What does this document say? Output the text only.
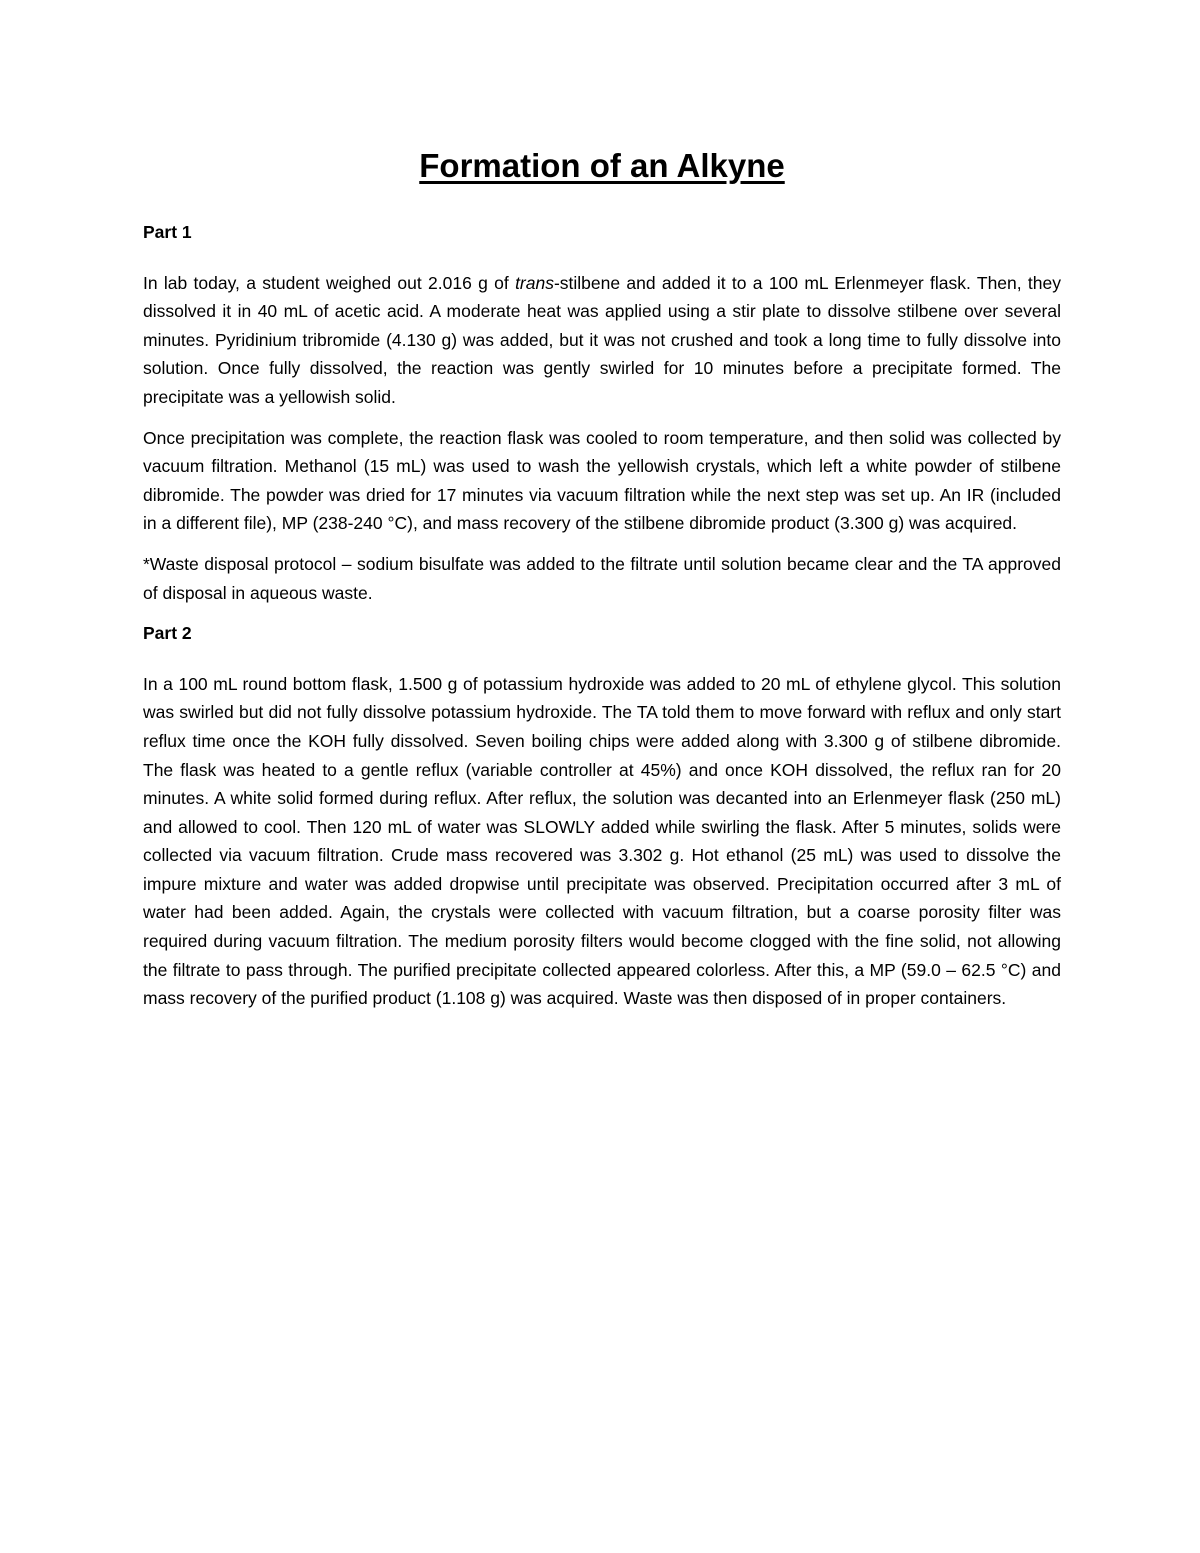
Formation of an Alkyne
Part 1

In lab today, a student weighed out 2.016 g of trans-stilbene and added it to a 100 mL Erlenmeyer flask. Then, they dissolved it in 40 mL of acetic acid. A moderate heat was applied using a stir plate to dissolve stilbene over several minutes. Pyridinium tribromide (4.130 g) was added, but it was not crushed and took a long time to fully dissolve into solution. Once fully dissolved, the reaction was gently swirled for 10 minutes before a precipitate formed. The precipitate was a yellowish solid.

Once precipitation was complete, the reaction flask was cooled to room temperature, and then solid was collected by vacuum filtration. Methanol (15 mL) was used to wash the yellowish crystals, which left a white powder of stilbene dibromide. The powder was dried for 17 minutes via vacuum filtration while the next step was set up. An IR (included in a different file), MP (238-240 °C), and mass recovery of the stilbene dibromide product (3.300 g) was acquired.

*Waste disposal protocol – sodium bisulfate was added to the filtrate until solution became clear and the TA approved of disposal in aqueous waste.

Part 2

In a 100 mL round bottom flask, 1.500 g of potassium hydroxide was added to 20 mL of ethylene glycol. This solution was swirled but did not fully dissolve potassium hydroxide. The TA told them to move forward with reflux and only start reflux time once the KOH fully dissolved. Seven boiling chips were added along with 3.300 g of stilbene dibromide. The flask was heated to a gentle reflux (variable controller at 45%) and once KOH dissolved, the reflux ran for 20 minutes. A white solid formed during reflux. After reflux, the solution was decanted into an Erlenmeyer flask (250 mL) and allowed to cool. Then 120 mL of water was SLOWLY added while swirling the flask. After 5 minutes, solids were collected via vacuum filtration. Crude mass recovered was 3.302 g. Hot ethanol (25 mL) was used to dissolve the impure mixture and water was added dropwise until precipitate was observed. Precipitation occurred after 3 mL of water had been added. Again, the crystals were collected with vacuum filtration, but a coarse porosity filter was required during vacuum filtration. The medium porosity filters would become clogged with the fine solid, not allowing the filtrate to pass through. The purified precipitate collected appeared colorless. After this, a MP (59.0 – 62.5 °C) and mass recovery of the purified product (1.108 g) was acquired. Waste was then disposed of in proper containers.
